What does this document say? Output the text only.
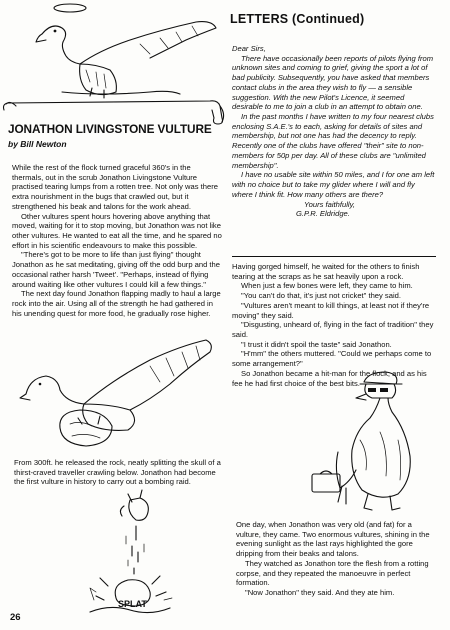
LETTERS (Continued)

Dear Sirs,

There have occasionally been reports of pilots flying from unknown sites and coming to grief, giving the sport a lot of bad publicity. Subsequently, you have asked that members contact clubs in the area they wish to fly — a sensible suggestion. With the new Pilot's Licence, it seemed desirable to me to join a club in an attempt to obtain one.

In the past months I have written to my four nearest clubs enclosing S.A.E.'s to each, asking for details of sites and membership, but not one has had the decency to reply. Recently one of the clubs have offered "their" site to non-members for 50p per day. All of these clubs are "unlimited membership".

I have no usable site within 50 miles, and I for one am left with no choice but to take my glider where I will and fly where I think fit. How many others are there?

Yours faithfully,

G.P.R. Eldridge.

Having gorged himself, he waited for the others to finish tearing at the scraps as he sat heavily upon a rock.

When just a few bones were left, they came to him.

"You can't do that, it's just not cricket" they said.

"Vultures aren't meant to kill things, at least not if they're moving" they said.

"Disgusting, unheard of, flying in the fact of tradition" they said.

"I trust it didn't spoil the taste" said Jonathon.

"H'mm" the others muttered. "Could we perhaps come to some arrangement?"

So Jonathon became a hit-man for the flock, and as his fee he had first choice of the best bits.

One day, when Jonathon was very old (and fat) for a vulture, they came. Two enormous vultures, shining in the evening sunlight as the last rays highlighted the gore dripping from their beaks and talons.

They watched as Jonathon tore the flesh from a rotting corpse, and they repeated the manoeuvre in perfect formation.

"Now Jonathon" they said. And they ate him.

JONATHON LIVINGSTONE VULTURE
by Bill Newton

While the rest of the flock turned graceful 360's in the thermals, out in the scrub Jonathon Livingstone Vulture practised tearing lumps from a rotten tree. Not only was there extra nourishment in the bugs that crawled out, but it strengthened his beak and talons for the work ahead.

Other vultures spent hours hovering above anything that moved, waiting for it to stop moving, but Jonathon was not like other vultures. He wanted to eat all the time, and he spared no effort in his scientific endeavours to make this possible.

"There's got to be more to life than just flying" thought Jonathon as he sat meditating, giving off the odd burp and the occasional rather harsh 'Tweet'. "Perhaps, instead of flying around waiting like other vultures I could kill a few things."

The next day found Jonathon flapping madly to haul a large rock into the air. Using all of the strength he had gathered in his unending quest for more food, he gradually rose higher.

From 300ft. he released the rock, neatly splitting the skull of a thirst-craved traveller crawling below. Jonathon had become the first vulture in history to carry out a bombing raid.
SPLAT
26
